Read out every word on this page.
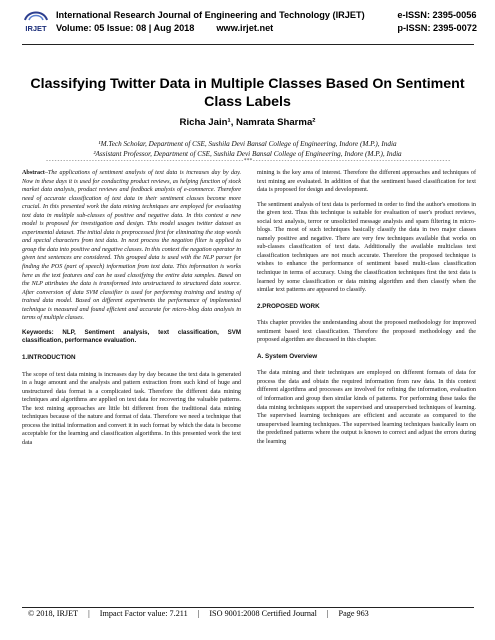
IRJET
International Research Journal of Engineering and Technology (IRJET)
Volume: 05 Issue: 08 | Aug 2018 www.irjet.net
e-ISSN: 2395-0056
p-ISSN: 2395-0072
Classifying Twitter Data in Multiple Classes Based On Sentiment Class Labels
Richa Jain¹, Namrata Sharma²
¹M.Tech Scholar, Department of CSE, Sushila Devi Bansal College of Engineering, Indore (M.P.), India
²Assistant Professor, Department of CSE, Sushila Devi Bansal College of Engineering, Indore (M.P.), India
---------------------------------------------------------------------***---------------------------------------------------------------------

Abstract–The applications of sentiment analysis of text data is increases day by day. Now in these days it is used for conducting product reviews, as helping function of stock market data analysis, product reviews and feedback analysis of e-commerce. Therefore need of accurate classification of text data in their sentiment classes become more crucial. In this presented work the data mining techniques are employed for evaluating text data in multiple sub-classes of positive and negative data. In this context a new model is proposed for investigation and design. This model usages twitter dataset as experimental dataset. The initial data is preprocessed first for eliminating the stop words and special characters from text data. In next process the negation filter is applied to group the data into positive and negative classes. In this context the negation operator in given text sentences are considered. This grouped data is used with the NLP parser for finding the POS (part of speech) information from text data. This information is works here as the text features and can be used classifying the entire data samples. Based on the NLP attributes the data is transformed into unstructured to structured data source. After conversion of data SVM classifier is used for performing training and testing of trained data model. Based on different experiments the performance of implemented technique is measured and found efficient and accurate for micro-blog data analysis in terms of multiple classes.

Keywords: NLP, Sentiment analysis, text classification, SVM classification, performance evaluation.

1.INTRODUCTION

The scope of text data mining is increases day by day because the text data is generated in a huge amount and the analysis and pattern extraction from such kind of huge and unstructured data format is a complicated task. Therefore the different data mining techniques and algorithms are applied on text data for recovering the valuable patterns. The text mining approaches are little bit different from the traditional data mining techniques because of the nature and format of data. Therefore we need a technique that process the initial information and convert it in such format by which the data is become acceptable for the learning and classification algorithms. In this presented work the text data

mining is the key area of interest. Therefore the different approaches and techniques of text mining are evaluated. In addition of that the sentiment based classification for text data is proposed for design and development.

The sentiment analysis of text data is performed in order to find the author's emotions in the given text. Thus this technique is suitable for evaluation of user's product reviews, social text analysis, terror or unsolicited message analysis and spam filtering in micro-blogs. The most of such techniques basically classify the data in two major classes namely positive and negative. There are very few techniques available that works on sub-classes classification of text data. Additionally the available multiclass text classification techniques are not much accurate. Therefore the proposed technique is wishes to enhance the performance of sentiment based multi-class classification technique in terms of accuracy. Using the classification techniques first the text data is learned by some classification or data mining algorithm and then classify when the similar text patterns are appeared to classify.

2.PROPOSED WORK

This chapter provides the understanding about the proposed methodology for improved sentiment based text classification. Therefore the proposed methodology and the proposed algorithm are discussed in this chapter.

A. System Overview

The data mining and their techniques are employed on different formats of data for process the data and obtain the required information from raw data. In this context different algorithms and processes are involved for refining the information, evaluation of information and group then similar kinds of patterns. For performing these tasks the data mining techniques support the supervised and unsupervised techniques of learning. The supervised learning techniques are efficient and accurate as compared to the unsupervised learning techniques. The supervised learning techniques basically learn on the predefined patterns where the output is known to correct and adjust the errors during the learning

© 2018, IRJET | Impact Factor value: 7.211 | ISO 9001:2008 Certified Journal | Page 963
